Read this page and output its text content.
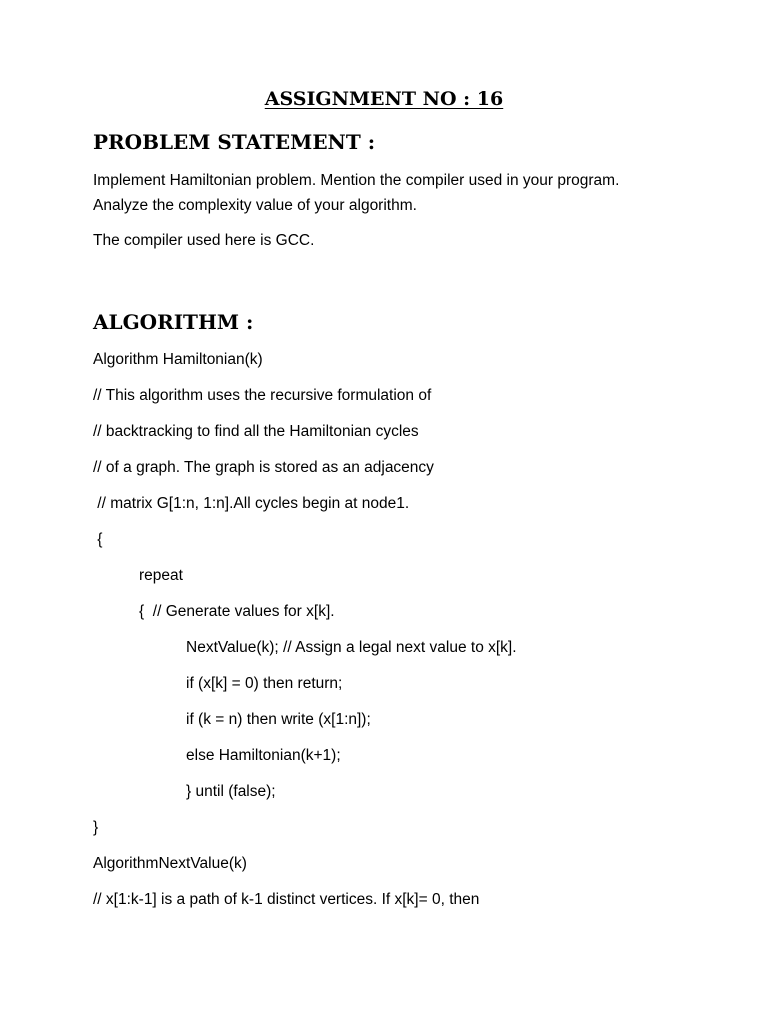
ASSIGNMENT NO : 16
PROBLEM STATEMENT :
Implement Hamiltonian problem. Mention the compiler used in your program.
Analyze the complexity value of your algorithm.
The compiler used here is GCC.
ALGORITHM :
Algorithm Hamiltonian(k)
// This algorithm uses the recursive formulation of
// backtracking to find all the Hamiltonian cycles
// of a graph. The graph is stored as an adjacency
// matrix G[1:n, 1:n].All cycles begin at node1.
{
repeat
{  // Generate values for x[k].
NextValue(k); // Assign a legal next value to x[k].
if (x[k] = 0) then return;
if (k = n) then write (x[1:n]);
else Hamiltonian(k+1);
} until (false);
}
AlgorithmNextValue(k)
// x[1:k-1] is a path of k-1 distinct vertices. If x[k]= 0, then
